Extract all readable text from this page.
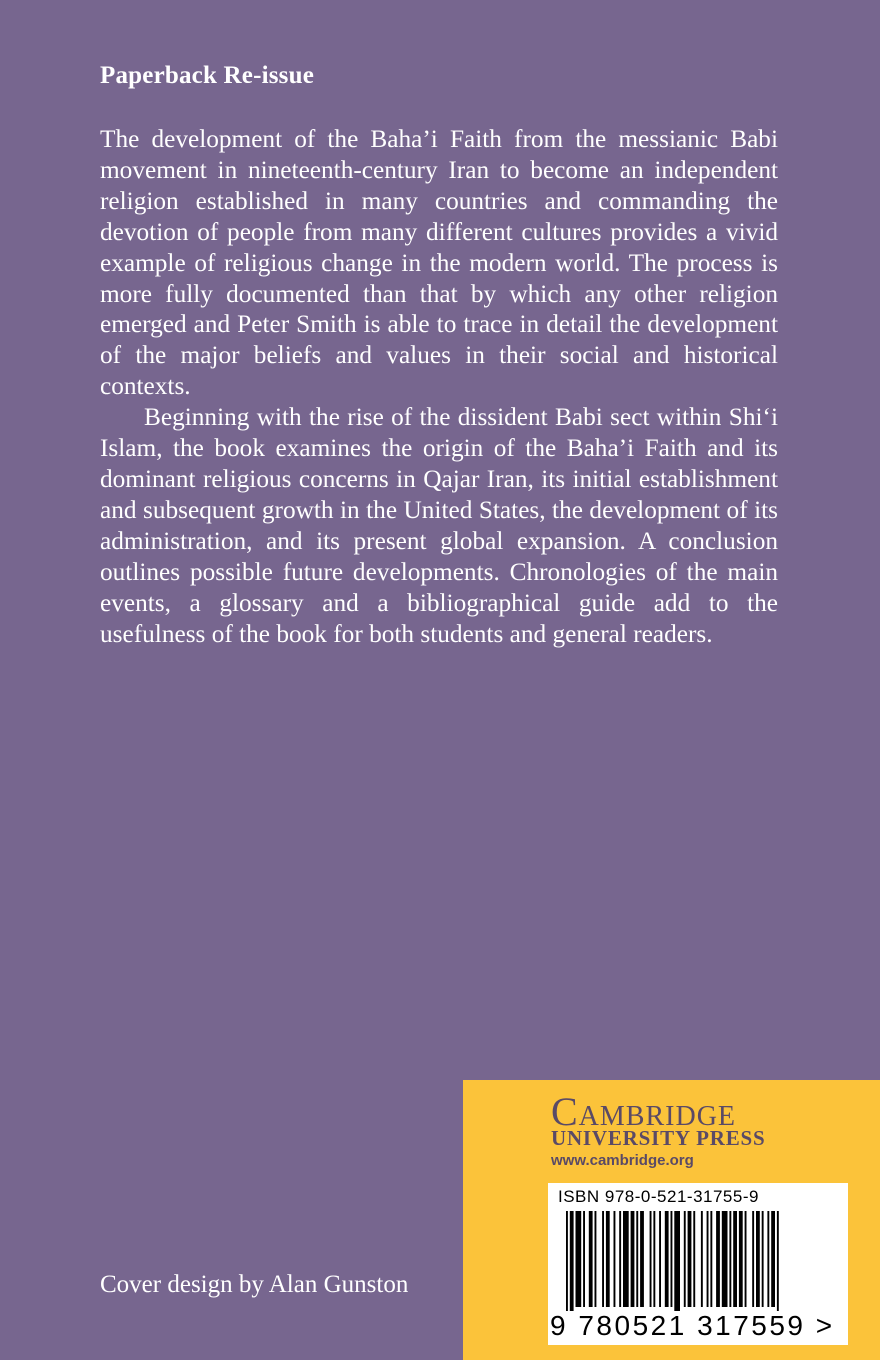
Paperback Re-issue

The development of the Baha’i Faith from the messianic Babi movement in nineteenth-century Iran to become an independent religion established in many countries and commanding the devotion of people from many different cultures provides a vivid example of religious change in the modern world. The process is more fully documented than that by which any other religion emerged and Peter Smith is able to trace in detail the development of the major beliefs and values in their social and historical contexts.

Beginning with the rise of the dissident Babi sect within Shi‘i Islam, the book examines the origin of the Baha’i Faith and its dominant religious concerns in Qajar Iran, its initial establishment and subsequent growth in the United States, the development of its administration, and its present global expansion. A conclusion outlines possible future developments. Chronologies of the main events, a glossary and a bibliographical guide add to the usefulness of the book for both students and general readers.

Cover design by Alan Gunston
Cambridge
UNIVERSITY PRESS
www.cambridge.org
ISBN 978-0-521-31755-9
9 780521 317559 >
